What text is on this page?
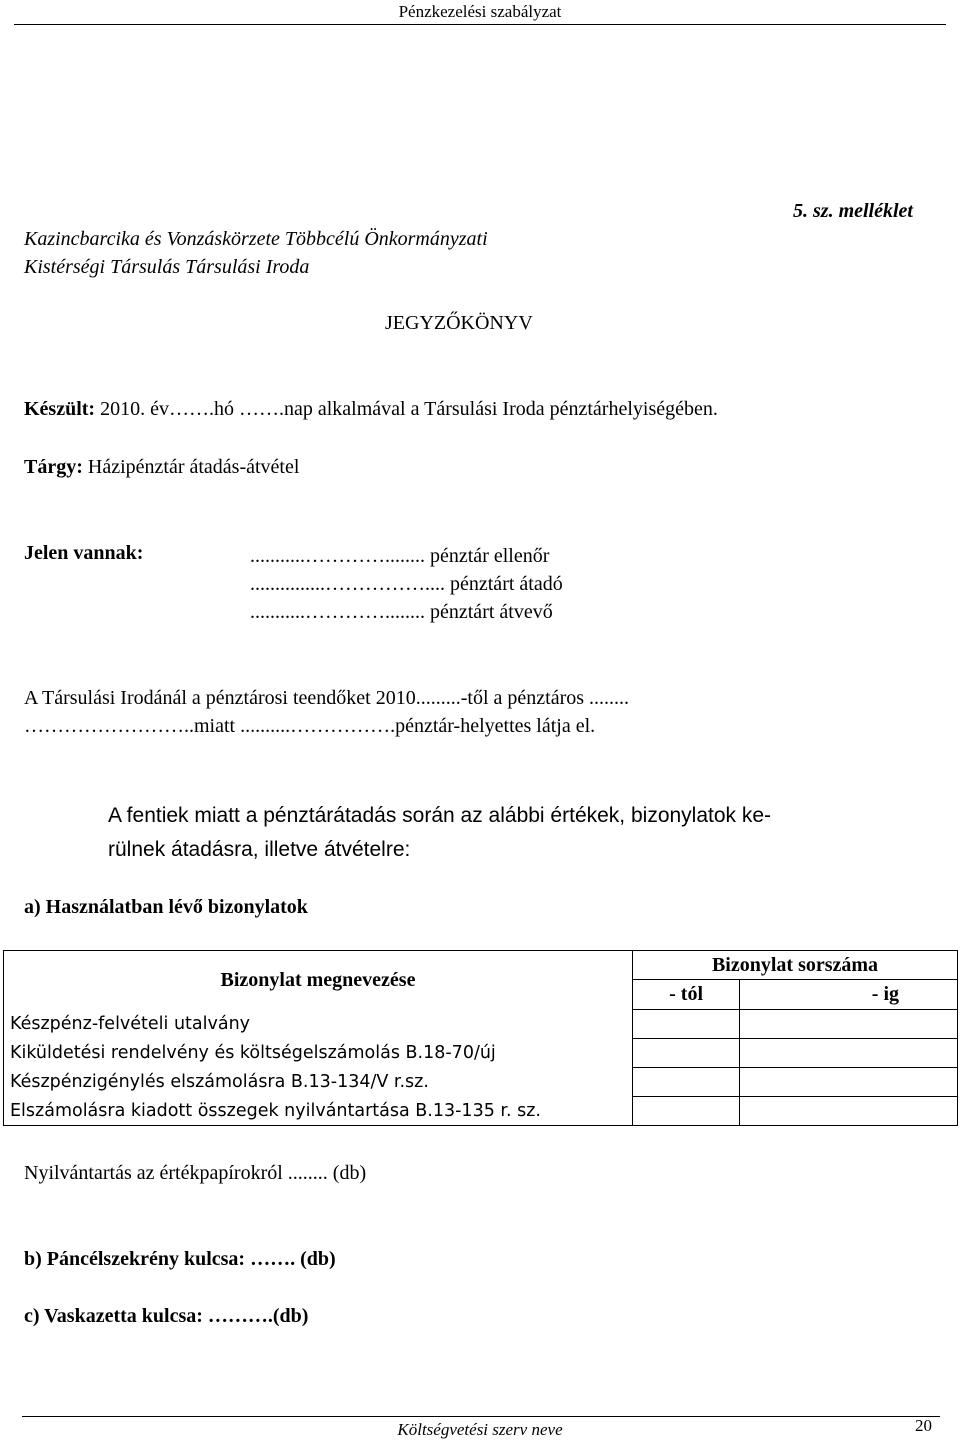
Pénzkezelési szabályzat
Kazincbarcika és Vonzáskörzete Többcélú Önkormányzati
Kistérségi Társulás Társulási Iroda
5. sz. melléklet
JEGYZŐKÖNYV
Készült: 2010. év…….hó …….nap alkalmával a Társulási Iroda pénztárhelyiségében.
Tárgy: Házipénztár átadás-átvétel
Jelen vannak:	...........…………........ pénztár ellenőr
...............…………….... pénztárt átadó
...........…………........ pénztárt átvevő
A Társulási Irodánál a pénztárosi teendőket 2010.........-től a pénztáros ........
……………………..miatt ..........…………….pénztár-helyettes látja el.
A fentiek miatt a pénztárátadás során az alábbi értékek, bizonylatok ke-
rülnek átadásra, illetve átvételre:
a) Használatban lévő bizonylatok
Bizonylat megnevezése	Bizonylat sorszáma	
	- tól	- ig
Készpénz-felvételi utalvány		
Kiküldetési rendelvény és költségelszámolás B.18-70/új		
Készpénzigénylés elszámolásra B.13-134/V r.sz.		
Elszámolásra kiadott összegek nyilvántartása B.13-135 r. sz.		
Nyilvántartás az értékpapírokról ........ (db)
b) Páncélszekrény kulcsa: ……. (db)
c) Vaskazetta kulcsa: ……….(db)
Költségvetési szerv neve	20
